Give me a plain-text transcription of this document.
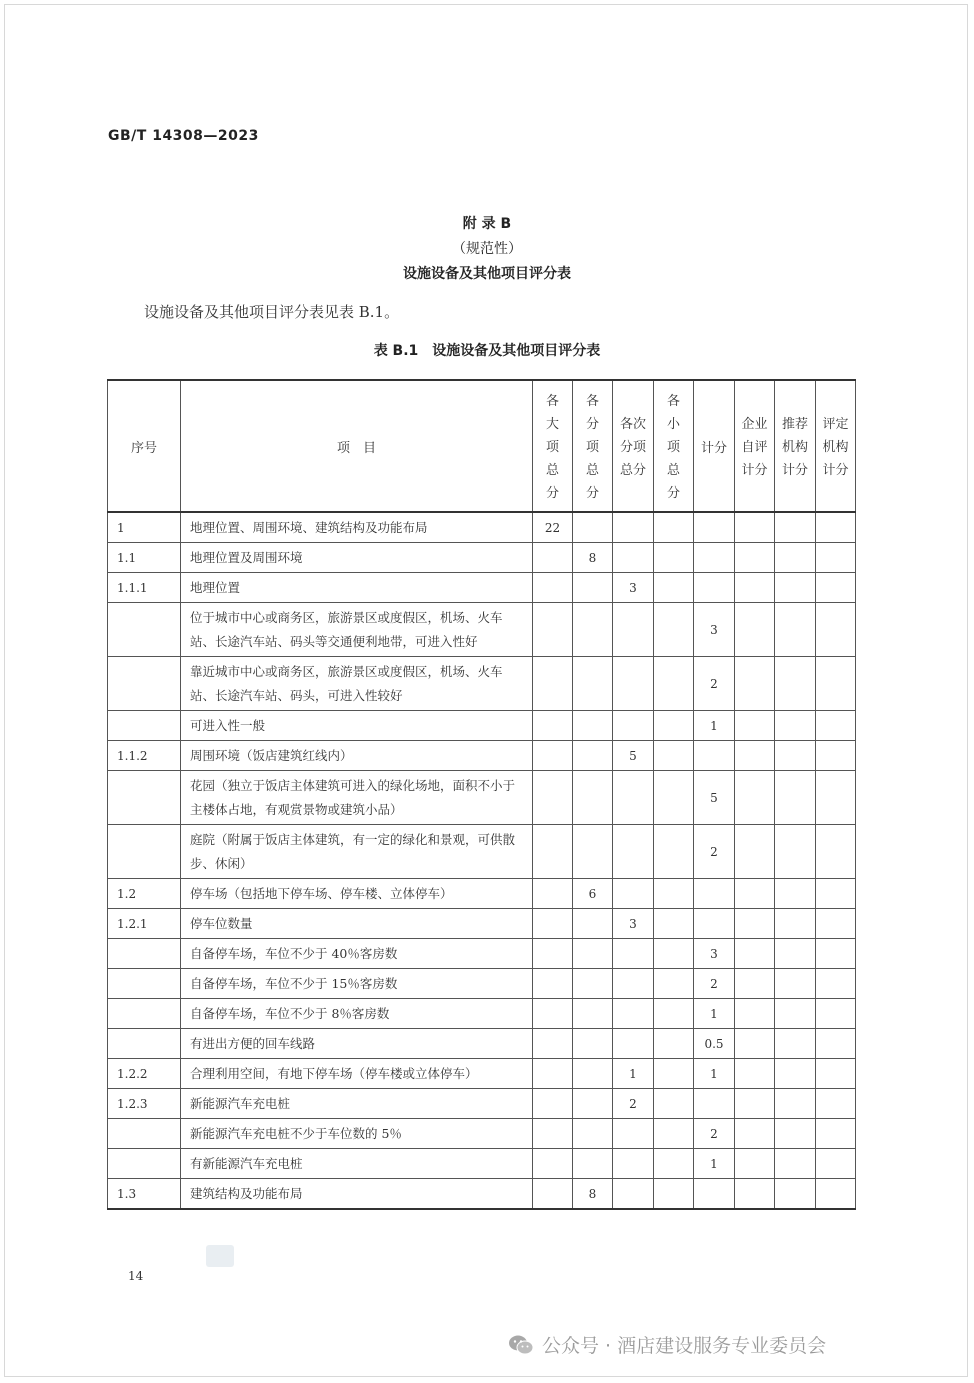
GB/T 14308—2023
附 录 B
（规范性）
设施设备及其他项目评分表
设施设备及其他项目评分表见表 B.1。
表 B.1　设施设备及其他项目评分表
序号	项　目	各
大
项
总
分	各
分
项
总
分	各次
分项
总分	各
小
项
总
分	计分	企业
自评
计分	推荐
机构
计分	评定
机构
计分

1	地理位置、周围环境、建筑结构及功能布局	22							
1.1	地理位置及周围环境		8						
1.1.1	地理位置			3					
	位于城市中心或商务区，旅游景区或度假区，机场、火车站、长途汽车站、码头等交通便利地带，可进入性好					3			
	靠近城市中心或商务区，旅游景区或度假区，机场、火车站、长途汽车站、码头，可进入性较好					2			
	可进入性一般					1			
1.1.2	周围环境（饭店建筑红线内）			5					
	花园（独立于饭店主体建筑可进入的绿化场地，面积不小于主楼体占地，有观赏景物或建筑小品）					5			
	庭院（附属于饭店主体建筑，有一定的绿化和景观，可供散步、休闲）					2			
1.2	停车场（包括地下停车场、停车楼、立体停车）		6						
1.2.1	停车位数量			3					
	自备停车场，车位不少于 40％客房数					3			
	自备停车场，车位不少于 15％客房数					2			
	自备停车场，车位不少于 8％客房数					1			
	有进出方便的回车线路					0.5			
1.2.2	合理利用空间，有地下停车场（停车楼或立体停车）			1		1			
1.2.3	新能源汽车充电桩			2					
	新能源汽车充电桩不少于车位数的 5％					2			
	有新能源汽车充电桩					1			
1.3	建筑结构及功能布局		8						
14
公众号 · 酒店建设服务专业委员会
